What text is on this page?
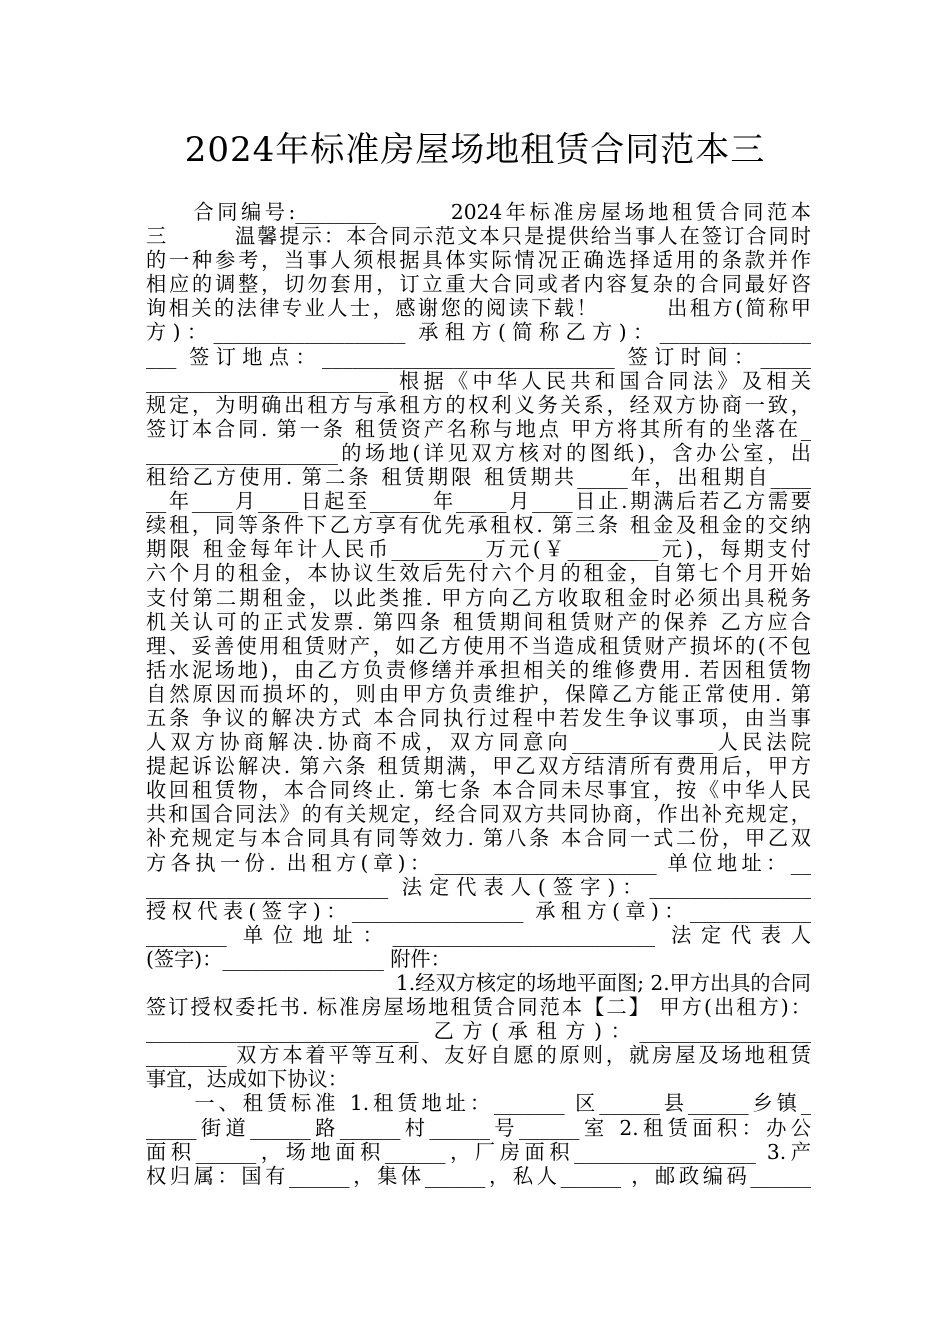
2024年标准房屋场地租赁合同范本三
　　合同编号:________　　　2024年标准房屋场地租赁合同范本
三　　　温馨提示：本合同示范文本只是提供给当事人在签订合同时
的一种参考，当事人须根据具体实际情况正确选择适用的条款并作
相应的调整，切勿套用，订立重大合同或者内容复杂的合同最好咨
询相关的法律专业人士，感谢您的阅读下载！　　　出租方(简称甲
方)：___________________ 承租方(简称乙方)：_______________
___ 签订地点：_____________________________ 签订时间：_____
________________________ 根据《中华人民共和国合同法》及相关
规定，为明确出租方与承租方的权利义务关系，经双方协商一致，
签订本合同. 第一条 租赁资产名称与地点 甲方将其所有的坐落在_
___________________的场地(详见双方核对的图纸)，含办公室，出
租给乙方使用. 第二条 租赁期限 租赁期共_____年，出租期自____
__年____月____日起至______年_____月____日止.期满后若乙方需要
续租，同等条件下乙方享有优先承租权. 第三条 租金及租金的交纳
期限 租金每年计人民币_________万元(￥_________元)，每期支付
六个月的租金，本协议生效后先付六个月的租金，自第七个月开始
支付第二期租金，以此类推. 甲方向乙方收取租金时必须出具税务
机关认可的正式发票. 第四条 租赁期间租赁财产的保养 乙方应合
理、妥善使用租赁财产，如乙方使用不当造成租赁财产损坏的(不包
括水泥场地)，由乙方负责修缮并承担相关的维修费用. 若因租赁物
自然原因而损坏的，则由甲方负责维护，保障乙方能正常使用. 第
五条 争议的解决方式 本合同执行过程中若发生争议事项，由当事
人双方协商解决.协商不成，双方同意向______________人民法院
提起诉讼解决. 第六条 租赁期满，甲乙双方结清所有费用后，甲方
收回租赁物，本合同终止. 第七条 本合同未尽事宜，按《中华人民
共和国合同法》的有关规定，经合同双方共同协商，作出补充规定，
补充规定与本合同具有同等效力. 第八条 本合同一式二份，甲乙双
方各执一份. 出租方(章)：______________________ 单位地址：__
________________________ 法定代表人(签字)：________________
授权代表(签字)：_________________ 承租方(章)：____________
________ 单位地址：__________________________ 法定代表人
(签字)：________________ 附件：
1.经双方核定的场地平面图; 2.甲方出具的合同
签订授权委托书. 标准房屋场地租赁合同范本【二】 甲方(出租方)：
___________________________ 乙方(承租方)：_________________
________ 双方本着平等互利、友好自愿的原则，就房屋及场地租赁
事宜，达成如下协议：
　　一、租赁标准 1.租赁地址：_______ 区______县______乡镇_
_____街道______路______村______号______室 2.租赁面积：办公
面积______，场地面积______，厂房面积__________________ 3.产
权归属：国有______，集体______，私人______ ，邮政编码______
